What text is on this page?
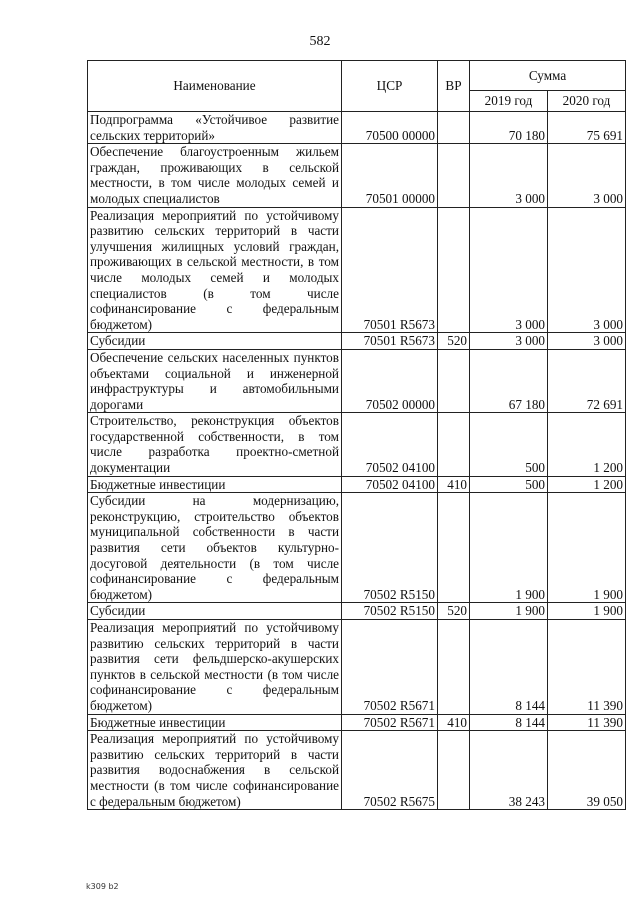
582
Наименование	ЦСР	ВР	Сумма	
			2019 год	2020 год
Подпрограмма «Устойчивое развитие сельских территорий»	70500 00000		70 180	75 691
Обеспечение благоустроенным жильем граждан, проживающих в сельской местности, в том числе молодых семей и молодых специалистов	70501 00000		3 000	3 000
Реализация мероприятий по устойчивому развитию сельских территорий в части улучшения жилищных условий граждан, проживающих в сельской местности, в том числе молодых семей и молодых специалистов (в том числе софинансирование с федеральным бюджетом)	70501 R5673		3 000	3 000
Субсидии	70501 R5673	520	3 000	3 000
Обеспечение сельских населенных пунктов объектами социальной и инженерной инфраструктуры и автомобильными дорогами	70502 00000		67 180	72 691
Строительство, реконструкция объектов государственной собственности, в том числе разработка проектно-сметной документации	70502 04100		500	1 200
Бюджетные инвестиции	70502 04100	410	500	1 200
Субсидии на модернизацию, реконструкцию, строительство объектов муниципальной собственности в части развития сети объектов культурно-досуговой деятельности (в том числе софинансирование с федеральным бюджетом)	70502 R5150		1 900	1 900
Субсидии	70502 R5150	520	1 900	1 900
Реализация мероприятий по устойчивому развитию сельских территорий в части развития сети фельдшерско-акушерских пунктов в сельской местности (в том числе софинансирование с федеральным бюджетом)	70502 R5671		8 144	11 390
Бюджетные инвестиции	70502 R5671	410	8 144	11 390
Реализация мероприятий по устойчивому развитию сельских территорий в части развития водоснабжения в сельской местности (в том числе софинансирование с федеральным бюджетом)	70502 R5675		38 243	39 050
k309 b2
